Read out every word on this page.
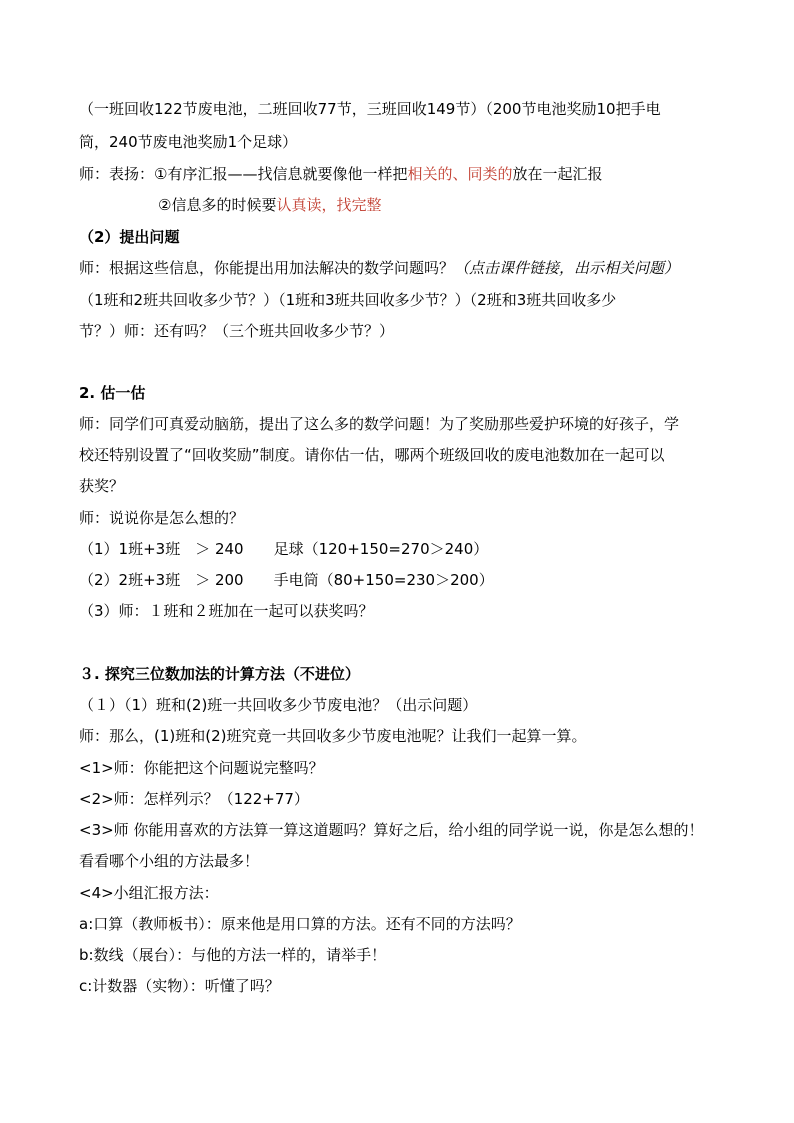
（一班回收122节废电池，二班回收77节，三班回收149节）（200节电池奖励10把手电
筒，240节废电池奖励1个足球）
师：表扬：①有序汇报——找信息就要像他一样把相关的、同类的放在一起汇报
②信息多的时候要认真读，找完整
（2）提出问题
师：根据这些信息，你能提出用加法解决的数学问题吗？（点击课件链接，出示相关问题）
（1班和2班共回收多少节？）（1班和3班共回收多少节？）（2班和3班共回收多少
节？）师：还有吗？（三个班共回收多少节？）
2. 估一估
师：同学们可真爱动脑筋，提出了这么多的数学问题！为了奖励那些爱护环境的好孩子，学
校还特别设置了“回收奖励”制度。请你估一估，哪两个班级回收的废电池数加在一起可以
获奖？
师：说说你是怎么想的？
（1）1班+3班　＞ 240　　足球（120+150=270＞240）
（2）2班+3班　＞ 200　　手电筒（80+150=230＞200）
（3）师：１班和２班加在一起可以获奖吗？
３. 探究三位数加法的计算方法（不进位）
（１）（1）班和(2)班一共回收多少节废电池？（出示问题）
师：那么，(1)班和(2)班究竟一共回收多少节废电池呢？让我们一起算一算。
<1>师：你能把这个问题说完整吗？
<2>师：怎样列示？（122+77）
<3>师 你能用喜欢的方法算一算这道题吗？算好之后，给小组的同学说一说，你是怎么想的！
看看哪个小组的方法最多！
<4>小组汇报方法：
a:口算（教师板书）：原来他是用口算的方法。还有不同的方法吗？
b:数线（展台）：与他的方法一样的，请举手！
c:计数器（实物）：听懂了吗？
